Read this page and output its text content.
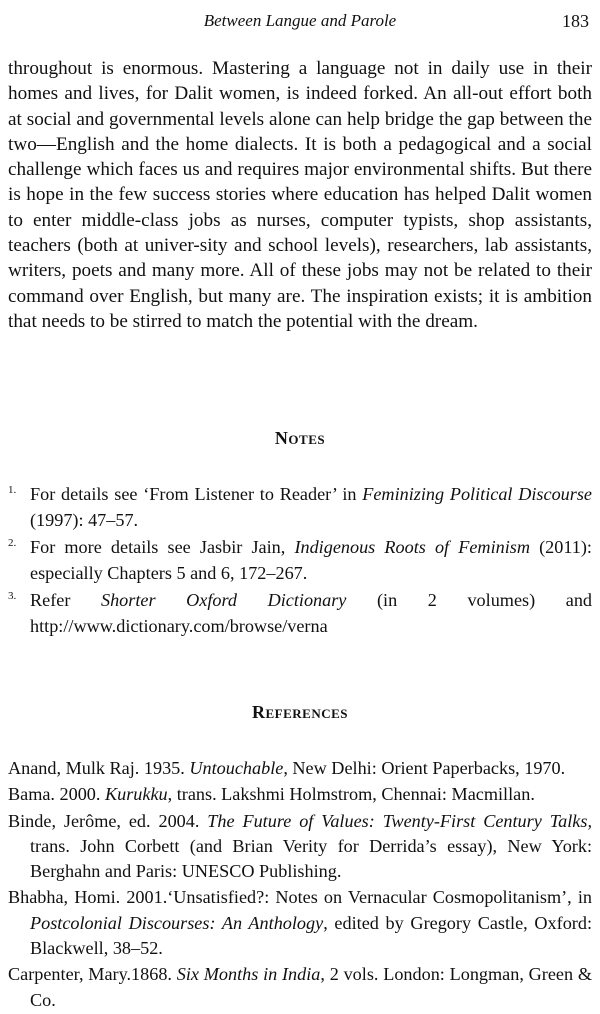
Between Langue and Parole	183

throughout is enormous. Mastering a language not in daily use in their homes and lives, for Dalit women, is indeed forked. An all-out effort both at social and governmental levels alone can help bridge the gap between the two—English and the home dialects. It is both a pedagogical and a social challenge which faces us and requires major environmental shifts. But there is hope in the few success stories where education has helped Dalit women to enter middle-class jobs as nurses, computer typists, shop assistants, teachers (both at univer-sity and school levels), researchers, lab assistants, writers, poets and many more. All of these jobs may not be related to their command over English, but many are. The inspiration exists; it is ambition that needs to be stirred to match the potential with the dream.

Notes
1. For details see ‘From Listener to Reader’ in Feminizing Political Discourse (1997): 47–57.
2. For more details see Jasbir Jain, Indigenous Roots of Feminism (2011): especially Chapters 5 and 6, 172–267.
3. Refer Shorter Oxford Dictionary (in 2 volumes) and http://www.dictionary.com/browse/verna
References
Anand, Mulk Raj. 1935. Untouchable, New Delhi: Orient Paperbacks, 1970.
Bama. 2000. Kurukku, trans. Lakshmi Holmstrom, Chennai: Macmillan.
Binde, Jerôme, ed. 2004. The Future of Values: Twenty-First Century Talks, trans. John Corbett (and Brian Verity for Derrida’s essay), New York: Berghahn and Paris: UNESCO Publishing.
Bhabha, Homi. 2001.‘Unsatisfied?: Notes on Vernacular Cosmopolitanism’, in Postcolonial Discourses: An Anthology, edited by Gregory Castle, Oxford: Blackwell, 38–52.
Carpenter, Mary.1868. Six Months in India, 2 vols. London: Longman, Green & Co.
